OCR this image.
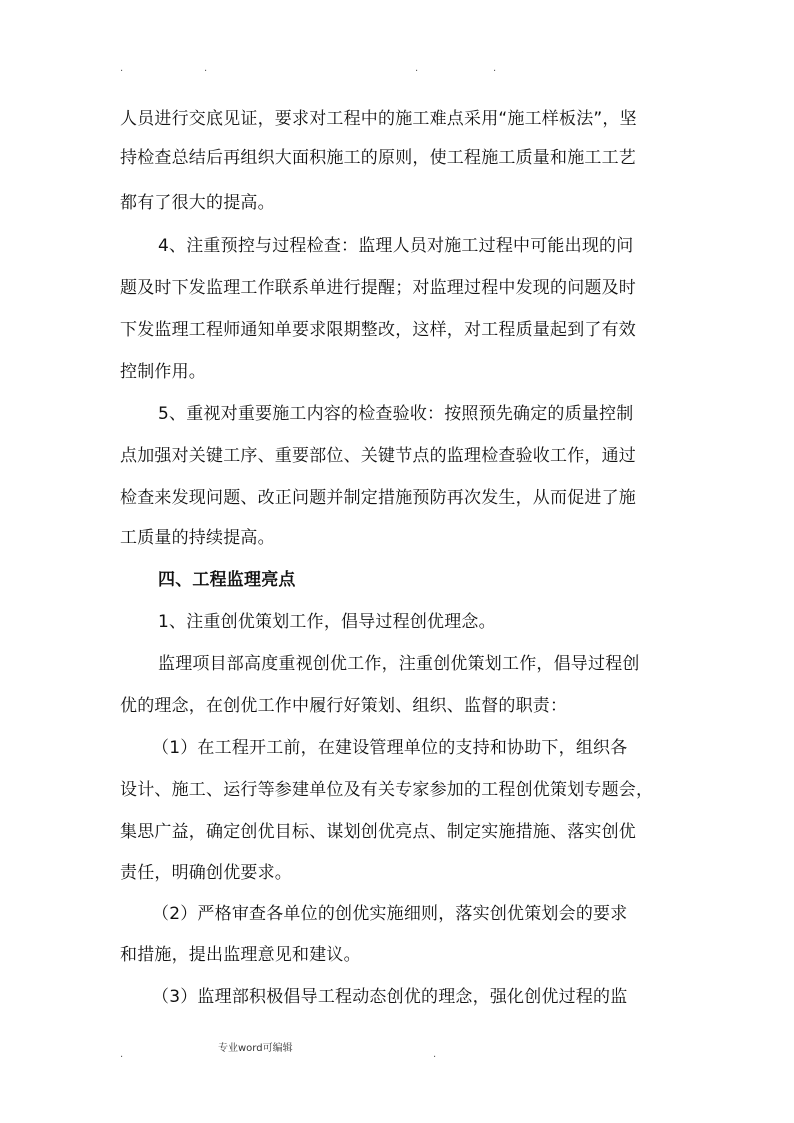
.	.	.	.
人员进行交底见证，要求对工程中的施工难点采用“施工样板法”，坚
持检查总结后再组织大面积施工的原则，使工程施工质量和施工工艺
都有了很大的提高。
4、注重预控与过程检查：监理人员对施工过程中可能出现的问
题及时下发监理工作联系单进行提醒；对监理过程中发现的问题及时
下发监理工程师通知单要求限期整改，这样，对工程质量起到了有效
控制作用。
5、重视对重要施工内容的检查验收：按照预先确定的质量控制
点加强对关键工序、重要部位、关键节点的监理检查验收工作，通过
检查来发现问题、改正问题并制定措施预防再次发生，从而促进了施
工质量的持续提高。
四、工程监理亮点
1、注重创优策划工作，倡导过程创优理念。
监理项目部高度重视创优工作，注重创优策划工作，倡导过程创
优的理念，在创优工作中履行好策划、组织、监督的职责：
（1）在工程开工前，在建设管理单位的支持和协助下，组织各
设计、施工、运行等参建单位及有关专家参加的工程创优策划专题会，
集思广益，确定创优目标、谋划创优亮点、制定实施措施、落实创优
责任，明确创优要求。
（2）严格审查各单位的创优实施细则，落实创优策划会的要求
和措施，提出监理意见和建议。
（3）监理部积极倡导工程动态创优的理念，强化创优过程的监
.
专业word可编辑
.
